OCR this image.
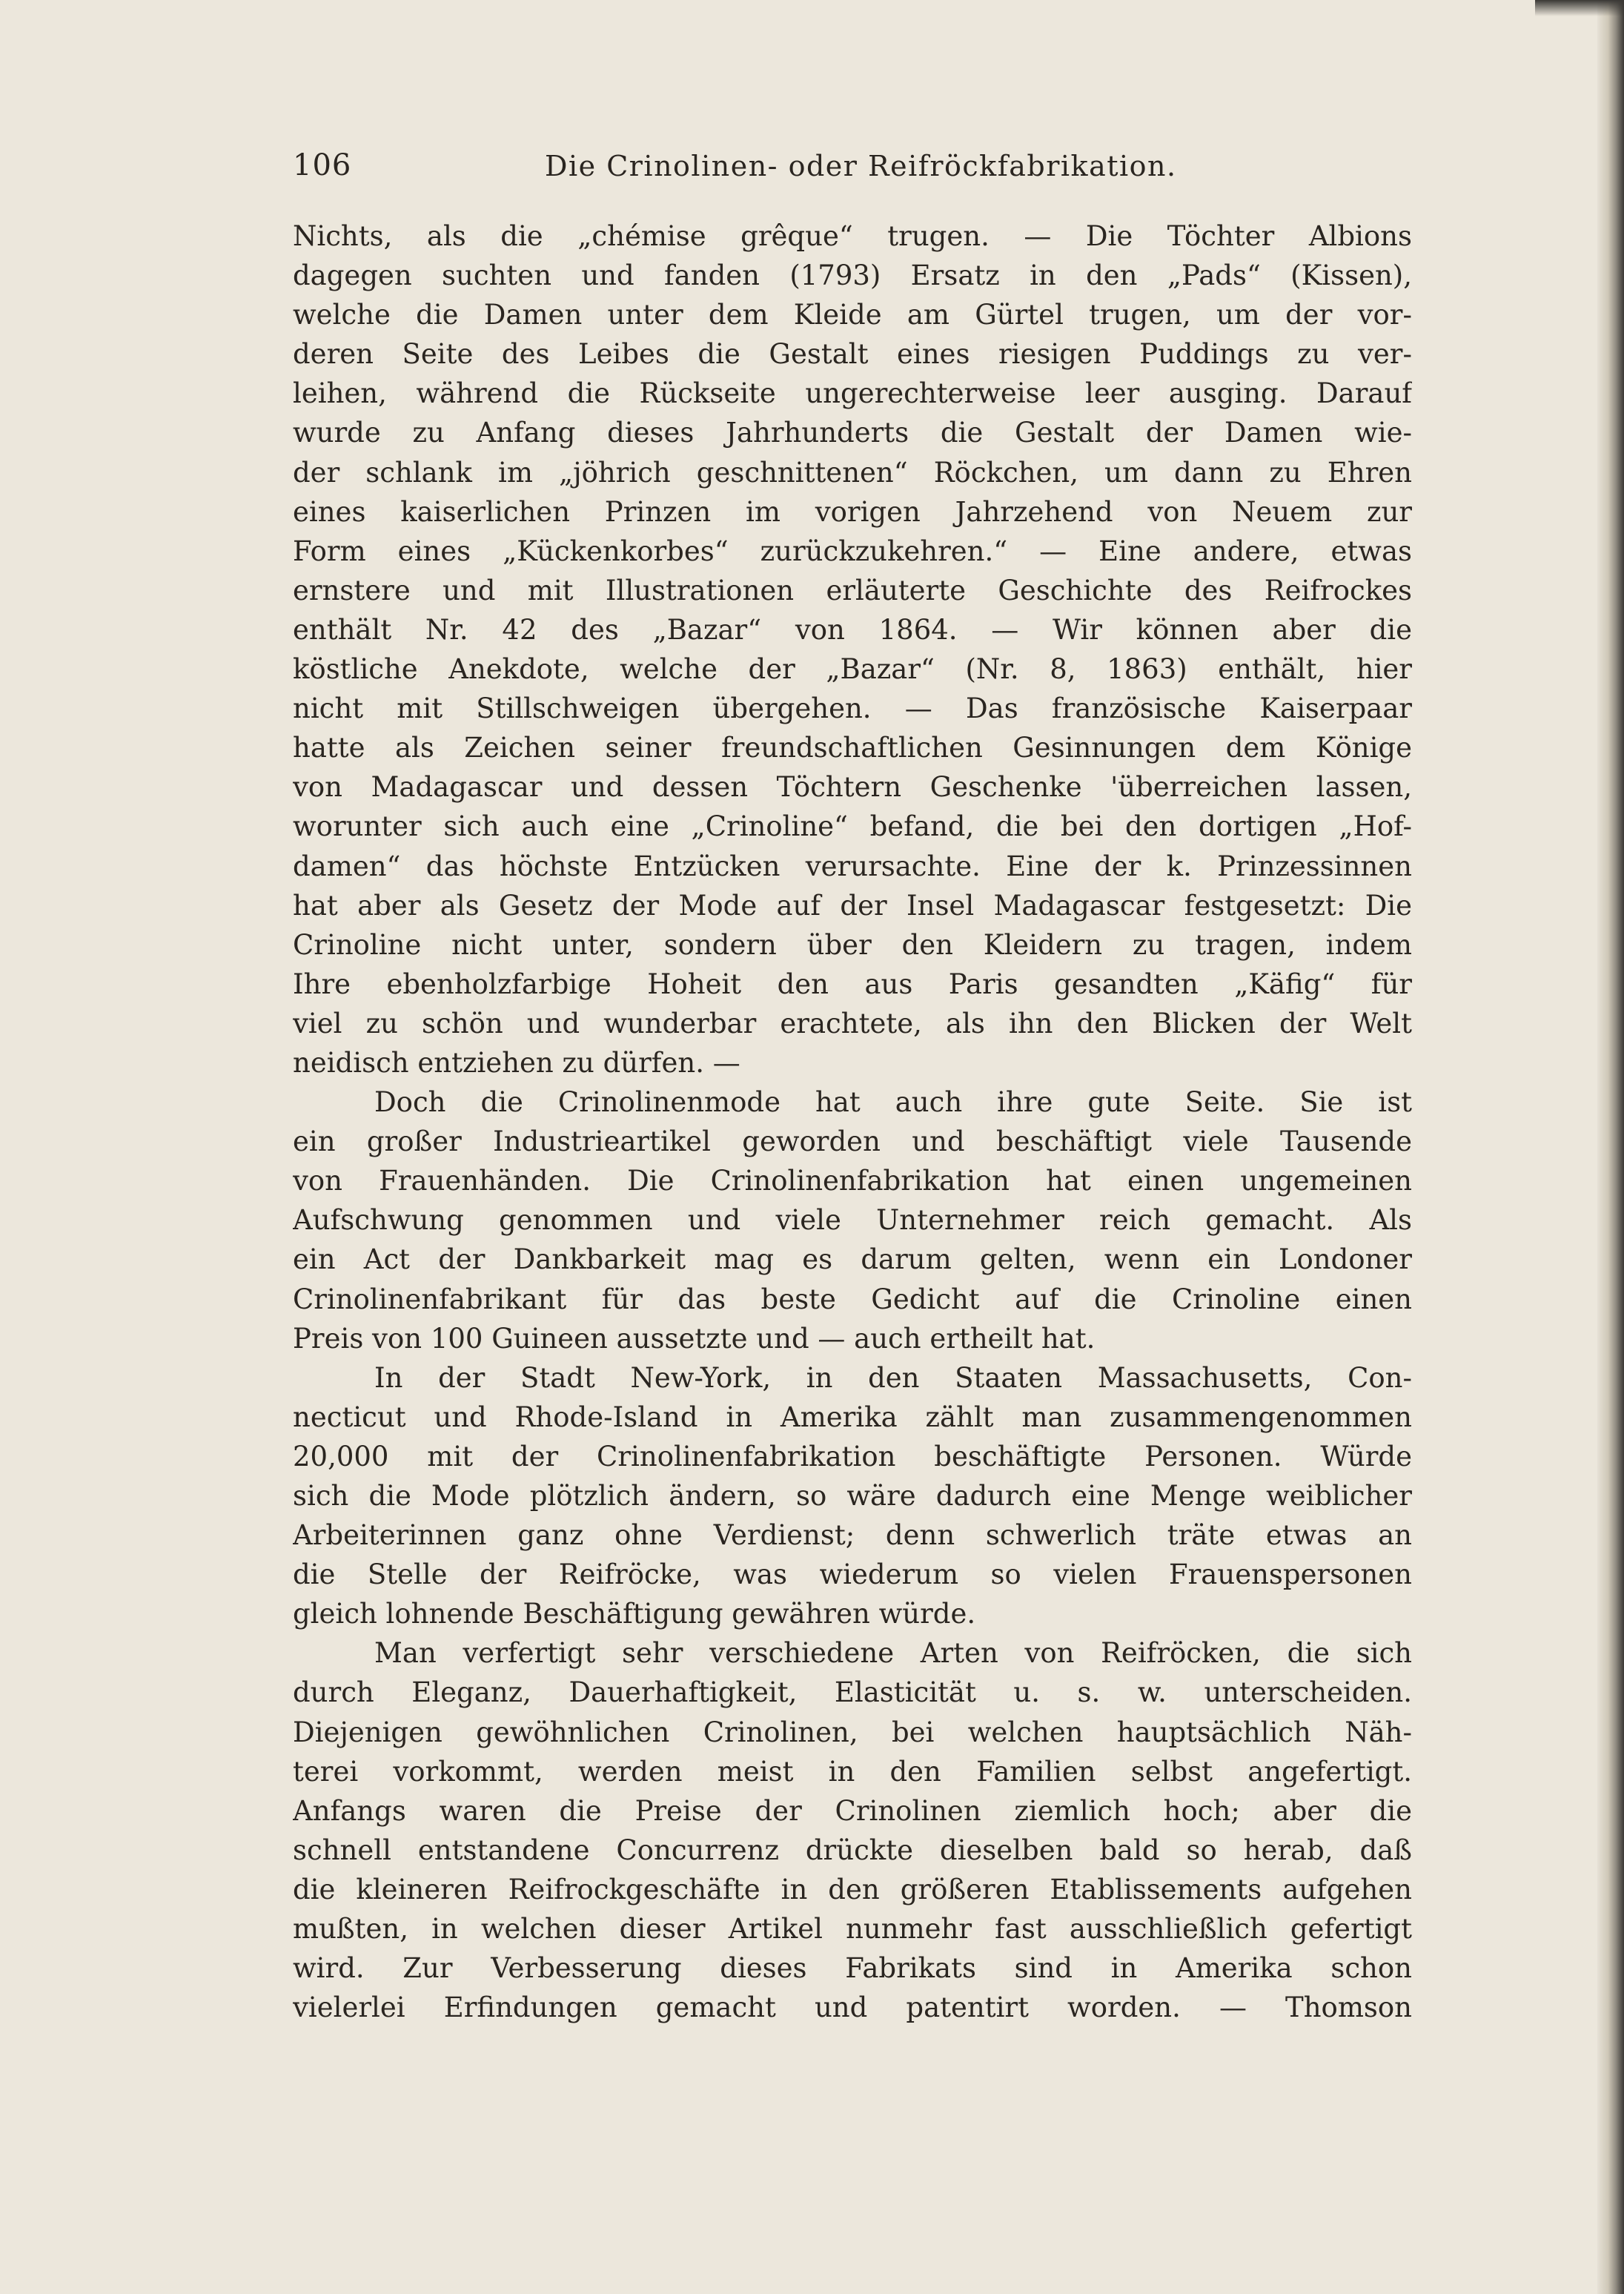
106	Die Crinolinen- oder Reifröckfabrikation.
Nichts, als die „chémise grêque“ trugen. — Die Töchter Albions
dagegen suchten und fanden (1793) Ersatz in den „Pads“ (Kissen),
welche die Damen unter dem Kleide am Gürtel trugen, um der vor-
deren Seite des Leibes die Gestalt eines riesigen Puddings zu ver-
leihen, während die Rückseite ungerechterweise leer ausging. Darauf
wurde zu Anfang dieses Jahrhunderts die Gestalt der Damen wie-
der schlank im „jöhrich geschnittenen“ Röckchen, um dann zu Ehren
eines kaiserlichen Prinzen im vorigen Jahrzehend von Neuem zur
Form eines „Kückenkorbes“ zurückzukehren.“ — Eine andere, etwas
ernstere und mit Illustrationen erläuterte Geschichte des Reifrockes
enthält Nr. 42 des „Bazar“ von 1864. — Wir können aber die
köstliche Anekdote, welche der „Bazar“ (Nr. 8, 1863) enthält, hier
nicht mit Stillschweigen übergehen. — Das französische Kaiserpaar
hatte als Zeichen seiner freundschaftlichen Gesinnungen dem Könige
von Madagascar und dessen Töchtern Geschenke 'überreichen lassen,
worunter sich auch eine „Crinoline“ befand, die bei den dortigen „Hof-
damen“ das höchste Entzücken verursachte. Eine der k. Prinzessinnen
hat aber als Gesetz der Mode auf der Insel Madagascar festgesetzt: Die
Crinoline nicht unter, sondern über den Kleidern zu tragen, indem
Ihre ebenholzfarbige Hoheit den aus Paris gesandten „Käfig“ für
viel zu schön und wunderbar erachtete, als ihn den Blicken der Welt
neidisch entziehen zu dürfen. —
Doch die Crinolinenmode hat auch ihre gute Seite. Sie ist
ein großer Industrieartikel geworden und beschäftigt viele Tausende
von Frauenhänden. Die Crinolinenfabrikation hat einen ungemeinen
Aufschwung genommen und viele Unternehmer reich gemacht. Als
ein Act der Dankbarkeit mag es darum gelten, wenn ein Londoner
Crinolinenfabrikant für das beste Gedicht auf die Crinoline einen
Preis von 100 Guineen aussetzte und — auch ertheilt hat.
In der Stadt New-York, in den Staaten Massachusetts, Con-
necticut und Rhode-Island in Amerika zählt man zusammengenommen
20,000 mit der Crinolinenfabrikation beschäftigte Personen. Würde
sich die Mode plötzlich ändern, so wäre dadurch eine Menge weiblicher
Arbeiterinnen ganz ohne Verdienst; denn schwerlich träte etwas an
die Stelle der Reifröcke, was wiederum so vielen Frauenspersonen
gleich lohnende Beschäftigung gewähren würde.
Man verfertigt sehr verschiedene Arten von Reifröcken, die sich
durch Eleganz, Dauerhaftigkeit, Elasticität u. s. w. unterscheiden.
Diejenigen gewöhnlichen Crinolinen, bei welchen hauptsächlich Näh-
terei vorkommt, werden meist in den Familien selbst angefertigt.
Anfangs waren die Preise der Crinolinen ziemlich hoch; aber die
schnell entstandene Concurrenz drückte dieselben bald so herab, daß
die kleineren Reifrockgeschäfte in den größeren Etablissements aufgehen
mußten, in welchen dieser Artikel nunmehr fast ausschließlich gefertigt
wird. Zur Verbesserung dieses Fabrikats sind in Amerika schon
vielerlei Erfindungen gemacht und patentirt worden. — Thomson
